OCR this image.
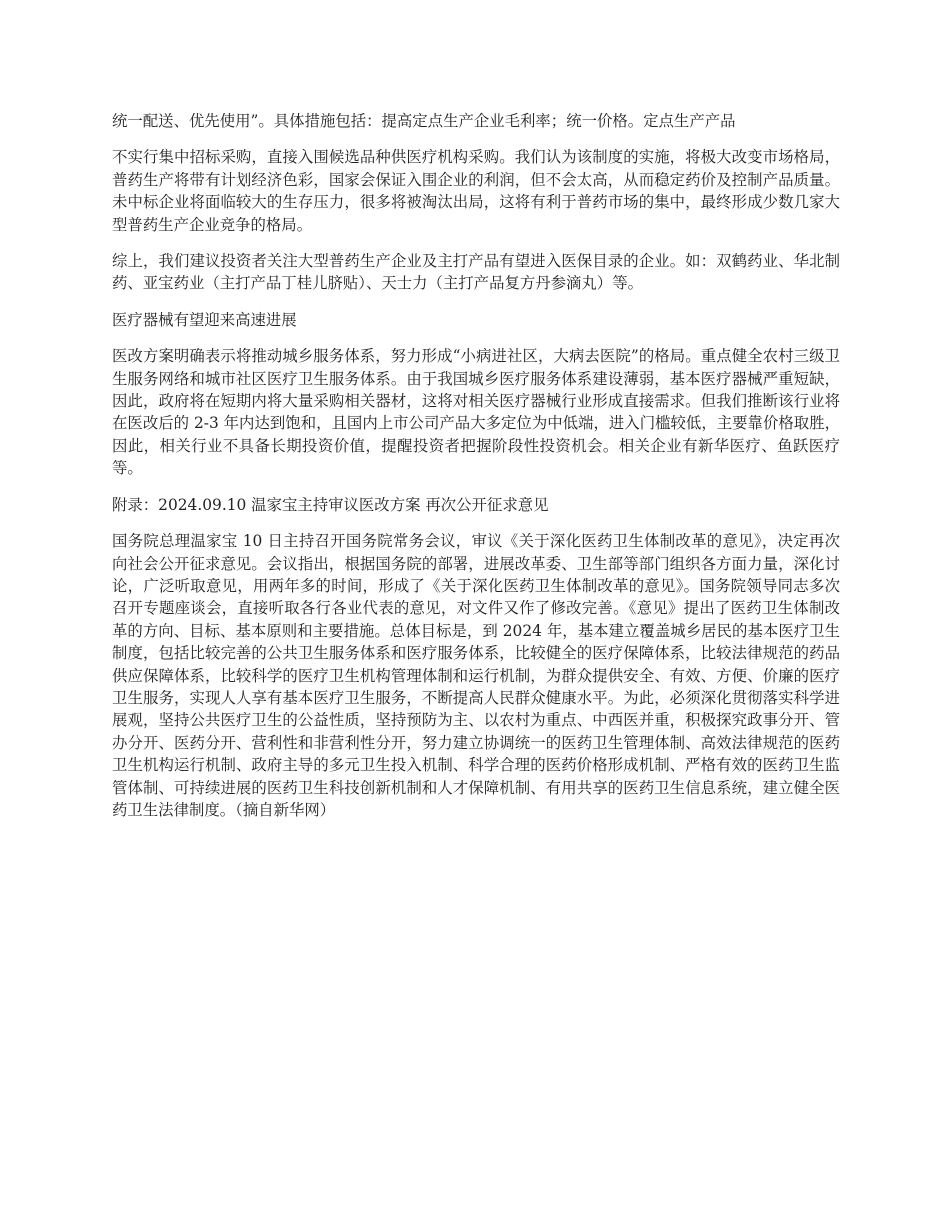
统一配送、优先使用”。具体措施包括：提高定点生产企业毛利率；统一价格。定点生产产品

不实行集中招标采购，直接入围候选品种供医疗机构采购。我们认为该制度的实施，将极大改变市场格局，普药生产将带有计划经济色彩，国家会保证入围企业的利润，但不会太高，从而稳定药价及控制产品质量。未中标企业将面临较大的生存压力，很多将被淘汰出局，这将有利于普药市场的集中，最终形成少数几家大型普药生产企业竞争的格局。

综上，我们建议投资者关注大型普药生产企业及主打产品有望进入医保目录的企业。如：双鹤药业、华北制药、亚宝药业（主打产品丁桂儿脐贴）、天士力（主打产品复方丹参滴丸）等。

医疗器械有望迎来高速进展

医改方案明确表示将推动城乡服务体系，努力形成“小病进社区，大病去医院”的格局。重点健全农村三级卫生服务网络和城市社区医疗卫生服务体系。由于我国城乡医疗服务体系建设薄弱，基本医疗器械严重短缺，因此，政府将在短期内将大量采购相关器材，这将对相关医疗器械行业形成直接需求。但我们推断该行业将在医改后的 2-3 年内达到饱和，且国内上市公司产品大多定位为中低端，进入门槛较低，主要靠价格取胜，因此，相关行业不具备长期投资价值，提醒投资者把握阶段性投资机会。相关企业有新华医疗、鱼跃医疗等。

附录：2024.09.10 温家宝主持审议医改方案 再次公开征求意见

国务院总理温家宝 10 日主持召开国务院常务会议，审议《关于深化医药卫生体制改革的意见》，决定再次向社会公开征求意见。会议指出，根据国务院的部署，进展改革委、卫生部等部门组织各方面力量，深化讨论，广泛听取意见，用两年多的时间，形成了《关于深化医药卫生体制改革的意见》。国务院领导同志多次召开专题座谈会，直接听取各行各业代表的意见，对文件又作了修改完善。《意见》提出了医药卫生体制改革的方向、目标、基本原则和主要措施。总体目标是，到 2024 年，基本建立覆盖城乡居民的基本医疗卫生制度，包括比较完善的公共卫生服务体系和医疗服务体系，比较健全的医疗保障体系，比较法律规范的药品供应保障体系，比较科学的医疗卫生机构管理体制和运行机制，为群众提供安全、有效、方便、价廉的医疗卫生服务，实现人人享有基本医疗卫生服务，不断提高人民群众健康水平。为此，必须深化贯彻落实科学进展观，坚持公共医疗卫生的公益性质，坚持预防为主、以农村为重点、中西医并重，积极探究政事分开、管办分开、医药分开、营利性和非营利性分开，努力建立协调统一的医药卫生管理体制、高效法律规范的医药卫生机构运行机制、政府主导的多元卫生投入机制、科学合理的医药价格形成机制、严格有效的医药卫生监管体制、可持续进展的医药卫生科技创新机制和人才保障机制、有用共享的医药卫生信息系统，建立健全医药卫生法律制度。（摘自新华网）
